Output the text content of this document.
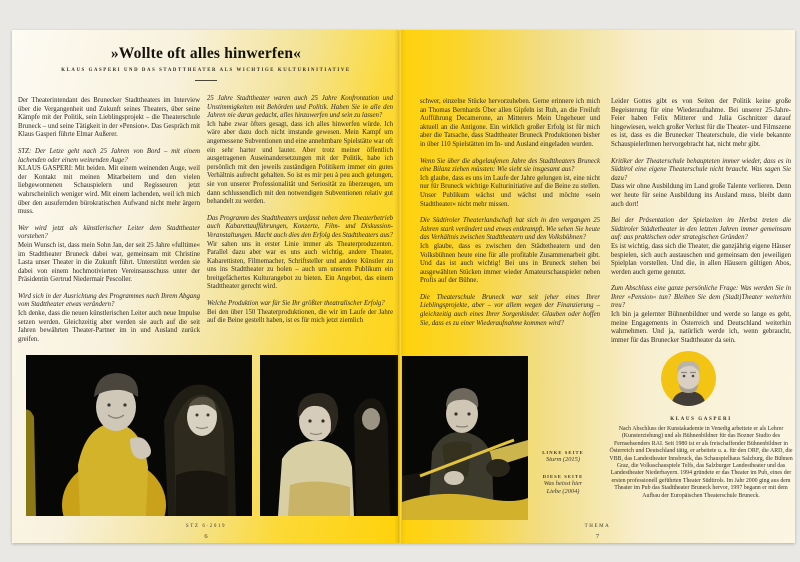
»Wollte oft alles hinwerfen«
KLAUS GASPERI UND DAS STADTTHEATER ALS WICHTIGE KULTURINITIATIVE

Der Theaterintendant des Brunecker Stadttheaters im Interview über die Vergangenheit und Zukunft seines Theaters, über seine Kämpfe mit der Politik, sein Lieblingsprojekt – die Theaterschule Bruneck – und seine Tätigkeit in der »Pension«. Das Gespräch mit Klaus Gasperi führte Elmar Außerer.

STZ: Der Letze geht nach 25 Jahren von Bord – mit einem lachenden oder einem weinenden Auge?

KLAUS GASPERI: Mit beiden. Mit einem weinenden Auge, weil der Kontakt mit meinen Mitarbeitern und den vielen liebgewonnenen Schauspielern und Regisseuren jetzt wahrscheinlich weniger wird. Mit einem lachenden, weil ich mich über den ausufernden bürokratischen Aufwand nicht mehr ärgern muss.

Wer wird jetzt als künstlerischer Leiter dem Stadttheater vorstehen?

Mein Wunsch ist, dass mein Sohn Jan, der seit 25 Jahre »fulltime« im Stadttheater Bruneck dabei war, gemeinsam mit Christine Lasta unser Theater in die Zukunft führt. Unterstützt werden sie dabei von einem hochmotivierten Vereinsausschuss unter der Präsidentin Gertrud Niedermair Pescoller.

Wird sich in der Ausrichtung des Programmes nach Ihrem Abgang vom Stadttheater etwas verändern?

Ich denke, dass die neuen künstlerischen Leiter auch neue Impulse setzen werden. Gleichzeitig aber werden sie auch auf die seit Jahren bewährten Theater-Partner im in und Ausland zurück greifen.

25 Jahre Stadttheater waren auch 25 Jahre Konfrontation und Unstimmigkeiten mit Behörden und Politik. Haben Sie in alle den Jahren nie daran gedacht, alles hinzuwerfen und sein zu lassen?

Ich habe zwar öfters gesagt, dass ich alles hinwerfen würde. Ich wäre aber dazu doch nicht imstande gewesen. Mein Kampf um angemessene Subventionen und eine annehmbare Spielstätte war oft ein sehr harter und lauter. Aber trotz meiner öffentlich ausgetragenen Auseinandersetzungen mit der Politik, habe ich persönlich mit den jeweils zuständigen Politikern immer ein gutes Verhältnis aufrecht gehalten. So ist es mir peu à peu auch gelungen, sie von unserer Professionalität und Seriosität zu überzeugen, um dann schlussendlich mit den notwendigen Subventionen relativ gut behandelt zu werden.

Das Programm des Stadttheaters umfasst neben dem Theaterbetrieb auch Kabarettaufführungen, Konzerte, Film- und Diskussion-Veranstaltungen. Macht auch dies den Erfolg des Stadttheaters aus?

Wir sahen uns in erster Linie immer als Theaterproduzenten. Parallel dazu aber war es uns auch wichtig, andere Theater, Kabarettisten, Filmemacher, Schriftsteller und andere Künstler zu uns ins Stadttheater zu holen – auch um unseren Publikum ein breitgefächertes Kulturangebot zu bieten. Ein Angebot, das einem Stadttheater gerecht wird.

Welche Produktion war für Sie Ihr größter theatralischer Erfolg?

Bei den über 150 Theaterproduktionen, die wir im Laufe der Jahre auf die Beine gestellt haben, ist es für mich jetzt ziemlich

STZ 6·2019
6

schwer, einzelne Stücke hervorzuheben. Gerne erinnere ich mich an Thomas Bernhards Über allen Gipfeln ist Ruh, an die Freiluft Aufführung Decamerone, an Mitterers Mein Ungeheuer und aktuell an die Antigone. Ein wirklich großer Erfolg ist für mich aber die Tatsache, dass Stadttheater Bruneck Produktionen bisher in über 110 Spielstätten im In- und Ausland eingeladen wurden.

Wenn Sie über die abgelaufenen Jahre des Stadttheaters Bruneck eine Bilanz ziehen müssten: Wie sieht sie insgesamt aus?

Ich glaube, dass es uns im Laufe der Jahre gelungen ist, eine nicht nur für Bruneck wichtige Kulturinitiative auf die Beine zu stellen. Unser Publikum wächst und wächst und möchte »sein Stadttheater« nicht mehr missen.

Die Südtiroler Theaterlandschaft hat sich in den vergangen 25 Jahren stark verändert und etwas entkrampft. Wie sehen Sie heute das Verhältnis zwischen Stadttheatern und den Volksbühnen?

Ich glaube, dass es zwischen den Städtetheatern und den Volksbühnen heute eine für alle profitable Zusammenarbeit gibt. Und das ist auch wichtig! Bei uns in Bruneck stehen bei ausgewählten Stücken immer wieder Amateurschauspieler neben Profis auf der Bühne.

Die Theaterschule Bruneck war seit jeher eines Ihrer Lieblingsprojekte, aber – vor allem wegen der Finanzierung – gleichzeitig auch eines Ihrer Sorgenkinder. Glauben oder hoffen Sie, dass es zu einer Wiederaufnahme kommen wird?

Leider Gottes gibt es von Seiten der Politik keine große Begeisterung für eine Wiederaufnahme. Bei unserer 25-Jahre-Feier haben Felix Mitterer und Julia Gschnitzer darauf hingewiesen, welch großer Verlust für die Theater- und Filmszene es ist, dass es die Brunecker Theaterschule, die viele bekannte SchauspielerInnen hervorgebracht hat, nicht mehr gibt.

Kritiker der Theaterschule behaupteten immer wieder, dass es in Südtirol eine eigene Theaterschule nicht braucht. Was sagen Sie dazu?

Dass wir ohne Ausbildung im Land große Talente verlieren. Denn wer heute für seine Ausbildung ins Ausland muss, bleibt dann auch dort!

Bei der Präsentation der Spielzeiten im Herbst treten die Südtiroler Städtetheater in den letzten Jahren immer gemeinsam auf: aus praktischen oder strategischen Gründen?

Es ist wichtig, dass sich die Theater, die ganzjährig eigene Häuser bespielen, sich auch austauschen und gemeinsam den jeweiligen Spielplan vorstellen. Und die, in allen Häusern gültigen Abos, werden auch gerne genutzt.

Zum Abschluss eine ganze persönliche Frage: Was werden Sie in Ihrer »Pension« tun? Bleiben Sie dem (Stadt)Theater weiterhin treu?

Ich bin ja gelernter Bühnenbildner und werde so lange es geht, meine Engagements in Österreich und Deutschland weiterhin wahrnehmen. Und ja, natürlich werde ich, wenn gebraucht, immer für das Brunecker Stadttheater da sein.

LINKE SEITE

Sturm (2015)

DIESE SEITE

Was heisst hier

Liebe (2004)

KLAUS GASPERI
Nach Abschluss der Kunstakademie in Venedig arbeitete er als Lehrer (Kunsterziehung) und als Bühnenbildner für das Bozner Studio des Fernsehsenders RAI. Seit 1980 ist er als freischaffender Bühnenbildner in Österreich und Deutschland tätig, er arbeitete u. a. für den ORF, die ARD, die VBB, das Landestheater Innsbruck, das Schauspielhaus Salzburg, die Bühnen Graz, die Volksschauspiele Telfs, das Salzburger Landestheater und das Landestheater Niederbayern. 1994 gründete er das Theater im Pub, eines der ersten professionell geführten Theater Südtirols. Im Jahr 2000 ging aus dem Theater im Pub das Stadttheater Bruneck hervor, 1997 begann er mit dem Aufbau der Europäischen Theaterschule Bruneck.
THEMA
7
